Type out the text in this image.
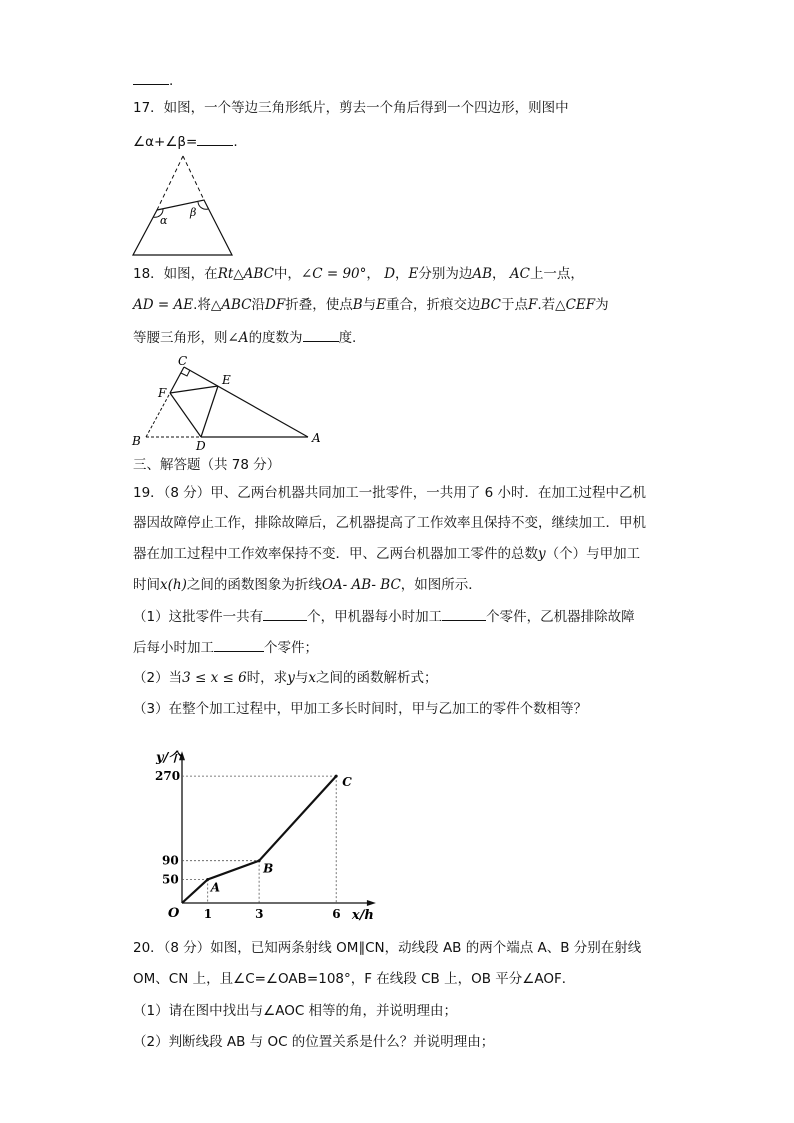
.
17．如图，一个等边三角形纸片，剪去一个角后得到一个四边形，则图中
∠α+∠β=	.
α
β
18．如图，在Rt△ABC中，∠C = 90°， D，E分别为边AB， AC上一点，
AD = AE.将△ABC沿DF折叠，使点B与E重合，折痕交边BC于点F.若△CEF为
等腰三角形，则∠A的度数为	度.
C
E
F
B	D
A
三、解答题（共 78 分）
19．（8 分）甲、乙两台机器共同加工一批零件，一共用了 6 小时．在加工过程中乙机
器因故障停止工作，排除故障后，乙机器提高了工作效率且保持不变，继续加工．甲机
器在加工过程中工作效率保持不变．甲、乙两台机器加工零件的总数y（个）与甲加工
时间x(h)之间的函数图象为折线OA- AB- BC，如图所示．
（1）这批零件一共有	个，甲机器每小时加工	个零件，乙机器排除故障
后每小时加工	个零件；
（2）当3 ≤ x ≤ 6时，求y与x之间的函数解析式；
（3）在整个加工过程中，甲加工多长时间时，甲与乙加工的零件个数相等？
y/个
x/h
O 1
50
3
90
6
270
A
B
C
20．（8 分）如图，已知两条射线 OM∥CN，动线段 AB 的两个端点 A、B 分别在射线
OM、CN 上，且∠C=∠OAB=108°，F 在线段 CB 上，OB 平分∠AOF．
（1）请在图中找出与∠AOC 相等的角，并说明理由；
（2）判断线段 AB 与 OC 的位置关系是什么？并说明理由；
